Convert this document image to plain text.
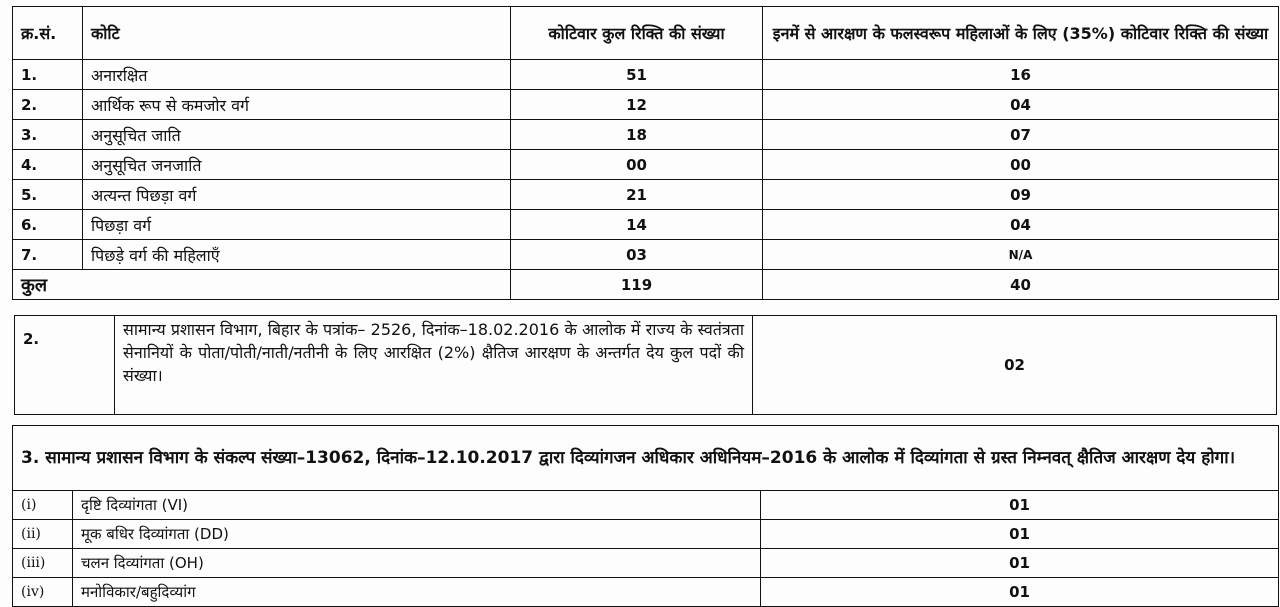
क्र.सं.	कोटि	कोटिवार कुल रिक्ति की संख्या	इनमें से आरक्षण के फलस्वरूप महिलाओं के लिए (35%) कोटिवार रिक्ति की संख्या
1.	अनारक्षित	51	16
2.	आर्थिक रूप से कमजोर वर्ग	12	04
3.	अनुसूचित जाति	18	07
4.	अनुसूचित जनजाति	00	00
5.	अत्यन्त पिछड़ा वर्ग	21	09
6.	पिछड़ा वर्ग	14	04
7.	पिछड़े वर्ग की महिलाएँ	03	N/A
कुल		119	40
2.	सामान्य प्रशासन विभाग, बिहार के पत्रांक– 2526, दिनांक–18.02.2016 के आलोक में राज्य के स्वतंत्रता सेनानियों के पोता/पोती/नाती/नतीनी के लिए आरक्षित (2%) क्षैतिज आरक्षण के अन्तर्गत देय कुल पदों की संख्या।	02
3. सामान्य प्रशासन विभाग के संकल्प संख्या–13062, दिनांक–12.10.2017 द्वारा दिव्यांगजन अधिकार अधिनियम–2016 के आलोक में दिव्यांगता से ग्रस्त निम्नवत् क्षैतिज आरक्षण देय होगा।		
(i)	दृष्टि दिव्यांगता (VI)	01
(ii)	मूक बधिर दिव्यांगता (DD)	01
(iii)	चलन दिव्यांगता (OH)	01
(iv)	मनोविकार/बहुदिव्यांग	01
